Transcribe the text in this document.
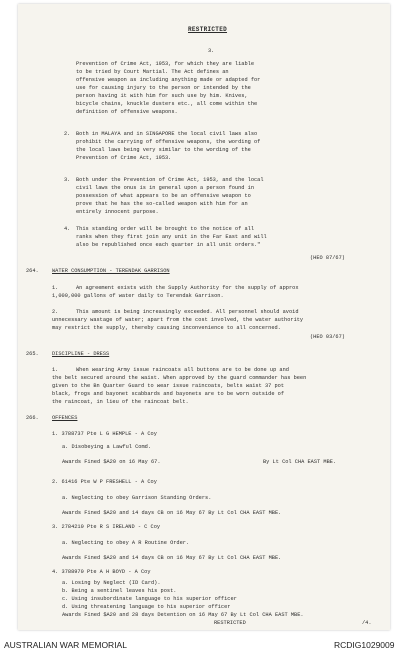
RESTRICTED
3.
Prevention of Crime Act, 1953, for which they are liable
to be tried by Court Martial. The Act defines an
offensive weapon as including anything made or adapted for
use for causing injury to the person or intended by the
person having it with him for such use by him. Knives,
bicycle chains, knuckle dusters etc., all come within the
definition of offensive weapons.
2. Both in MALAYA and in SINGAPORE the local civil laws also
prohibit the carrying of offensive weapons, the wording of
the local laws being very similar to the wording of the
Prevention of Crime Act, 1953.
3. Both under the Prevention of Crime Act, 1953, and the local
civil laws the onus is in general upon a person found in
possession of what appears to be an offensive weapon to
prove that he has the so-called weapon with him for an
entirely innocent purpose.
4. This standing order will be brought to the notice of all
ranks when they first join any unit in the Far East and will
also be republished once each quarter in all unit orders."
(HEO 87/67)
264.	WATER CONSUMPTION - TERENDAK GARRISON
1.	An agreement exists with the Supply Authority for the supply of approx
1,000,000 gallons of water daily to Terendak Garrison.
2.	This amount is being increasingly exceeded. All personnel should avoid
unnecessary wastage of water; apart from the cost involved, the water authority
may restrict the supply, thereby causing inconvenience to all concerned.
(HEO 03/67)
265.	DISCIPLINE - DRESS
1.	When wearing Army issue raincoats all buttons are to be done up and
the belt secured around the waist. When approved by the guard commander has been
given to the Bn Quarter Guard to wear issue raincoats, belts waist 37 pot
black, frogs and bayonet scabbards and bayonets are to be worn outside of
the raincoat, in lieu of the raincoat belt.
266.	OFFENCES
1. 3788737 Pte L G HEMPLE - A Coy
a. Disobeying a Lawful Comd.
Awards Fined $A20 on 16 May 67.	By Lt Col CHA EAST MBE.
2. 61416 Pte W P FRESHELL - A Coy
a. Neglecting to obey Garrison Standing Orders.
Awards Fined $A20 and 14 days CB on 16 May 67 By Lt Col CHA EAST MBE.
3. 2784210 Pte R S IRELAND - C Coy
a. Neglecting to obey A R Routine Order.
Awards Fined $A20 and 14 days CB on 16 May 67 By Lt Col CHA EAST MBE.
4. 3788970 Pte A H BOYD - A Coy
a. Losing by Neglect (ID Card).
b. Being a sentinel leaves his post.
c. Using insubordinate language to his superior officer
d. Using threatening language to his superior officer
Awards Fined $A20 and 28 days Detention on 16 May 67 By Lt Col CHA EAST MBE.
RESTRICTED	/4.
AUSTRALIAN WAR MEMORIAL	RCDIG1029009
